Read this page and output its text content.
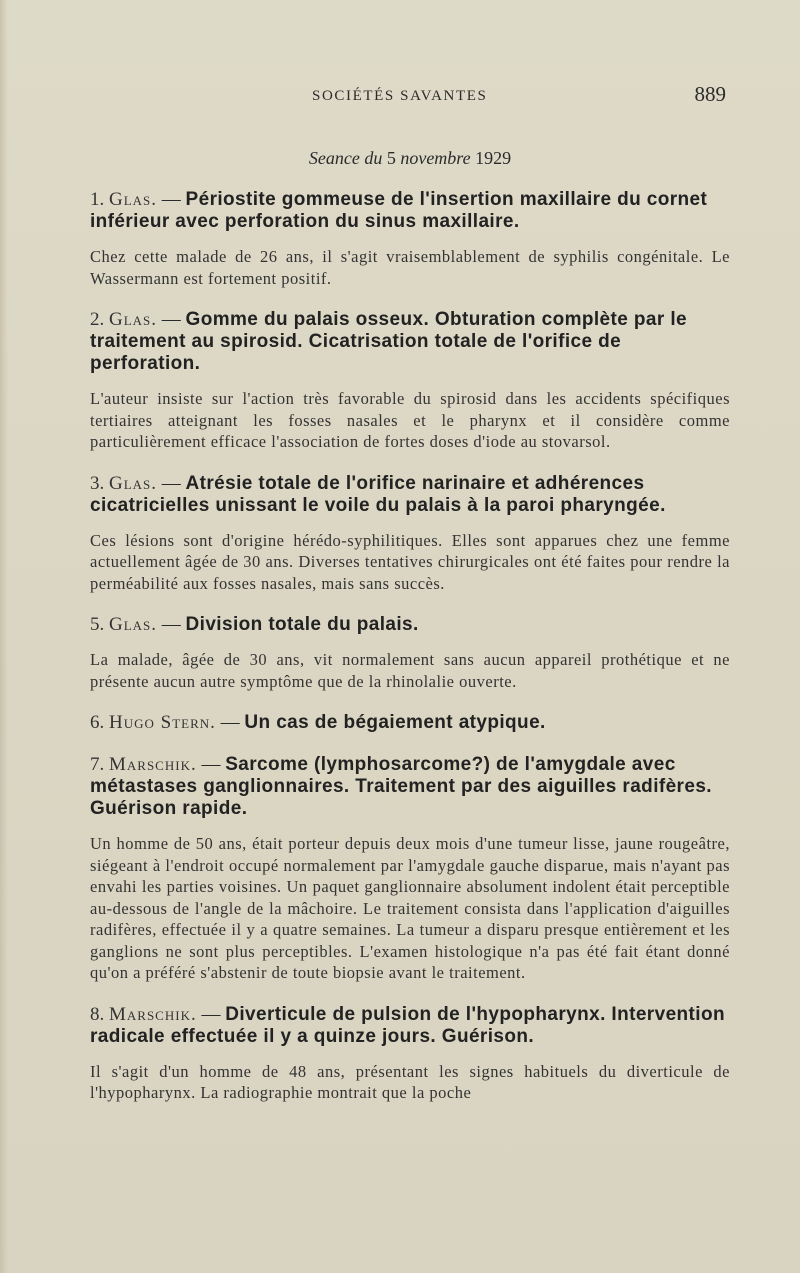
SOCIÉTÉS SAVANTES	889
Seance du 5 novembre 1929

1. Glas. — Périostite gommeuse de l'insertion maxillaire du cornet inférieur avec perforation du sinus maxillaire.

Chez cette malade de 26 ans, il s'agit vraisemblablement de syphilis congénitale. Le Wassermann est fortement positif.

2. Glas. — Gomme du palais osseux. Obturation complète par le traitement au spirosid. Cicatrisation totale de l'orifice de perforation.

L'auteur insiste sur l'action très favorable du spirosid dans les accidents spécifiques tertiaires atteignant les fosses nasales et le pharynx et il considère comme particulièrement efficace l'association de fortes doses d'iode au stovarsol.

3. Glas. — Atrésie totale de l'orifice narinaire et adhérences cicatricielles unissant le voile du palais à la paroi pharyngée.

Ces lésions sont d'origine hérédo-syphilitiques. Elles sont apparues chez une femme actuellement âgée de 30 ans. Diverses tentatives chirurgicales ont été faites pour rendre la perméabilité aux fosses nasales, mais sans succès.

5. Glas. — Division totale du palais.

La malade, âgée de 30 ans, vit normalement sans aucun appareil prothétique et ne présente aucun autre symptôme que de la rhinolalie ouverte.

6. Hugo Stern. — Un cas de bégaiement atypique.

7. Marschik. — Sarcome (lymphosarcome?) de l'amygdale avec métastases ganglionnaires. Traitement par des aiguilles radifères. Guérison rapide.

Un homme de 50 ans, était porteur depuis deux mois d'une tumeur lisse, jaune rougeâtre, siégeant à l'endroit occupé normalement par l'amygdale gauche disparue, mais n'ayant pas envahi les parties voisines. Un paquet ganglionnaire absolument indolent était perceptible au-dessous de l'angle de la mâchoire. Le traitement consista dans l'application d'aiguilles radifères, effectuée il y a quatre semaines. La tumeur a disparu presque entièrement et les ganglions ne sont plus perceptibles. L'examen histologique n'a pas été fait étant donné qu'on a préféré s'abstenir de toute biopsie avant le traitement.

8. Marschik. — Diverticule de pulsion de l'hypopharynx. Intervention radicale effectuée il y a quinze jours. Guérison.

Il s'agit d'un homme de 48 ans, présentant les signes habituels du diverticule de l'hypopharynx. La radiographie montrait que la poche
